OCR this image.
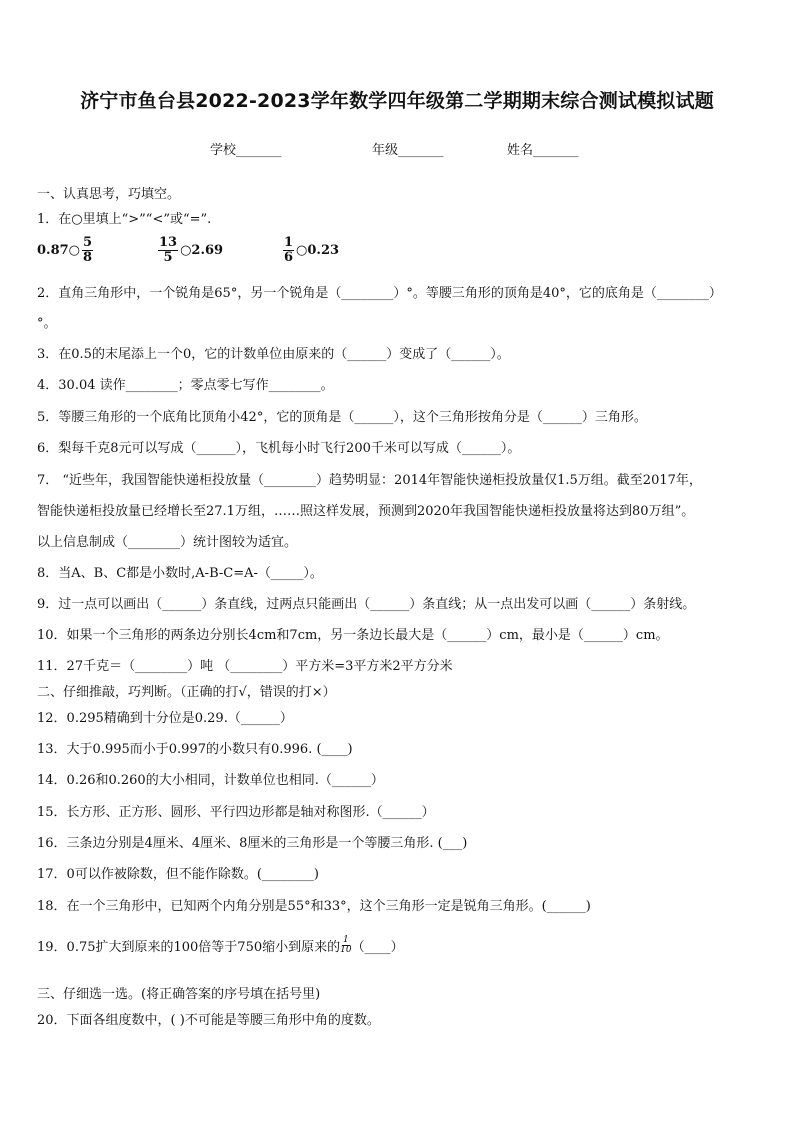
济宁市鱼台县2022-2023学年数学四年级第二学期期末综合测试模拟试题
学校_______	年级_______	姓名_______
一、认真思考，巧填空。
1．在○里填上“>”“<”或“=”.
0.87○ $\frac{5}{8}$	$\frac{13}{5}$ ○2.69	$\frac{1}{6}$ ○0.23
2．直角三角形中，一个锐角是65°，另一个锐角是（________）°。等腰三角形的顶角是40°，它的底角是（________）
°。
3．在0.5的末尾添上一个0，它的计数单位由原来的（______）变成了（______）。
4．30.04 读作________；零点零七写作________。
5．等腰三角形的一个底角比顶角小42°，它的顶角是（______），这个三角形按角分是（______）三角形。
6．梨每千克8元可以写成（______），飞机每小时飞行200千米可以写成（______）。
7． “近些年，我国智能快递柜投放量（________）趋势明显：2014年智能快递柜投放量仅1.5万组。截至2017年，
智能快递柜投放量已经增长至27.1万组，……照这样发展，预测到2020年我国智能快递柜投放量将达到80万组”。
以上信息制成（________）统计图较为适宜。
8．当A、B、C都是小数时,A-B-C=A-（_____）。
9．过一点可以画出（______）条直线，过两点只能画出（______）条直线；从一点出发可以画（______）条射线。
10．如果一个三角形的两条边分别长4cm和7cm，另一条边长最大是（______）cm，最小是（______）cm。
11．27千克＝（________）吨 （________）平方米=3平方米2平方分米
二、仔细推敲，巧判断。（正确的打√，错误的打×）
12．0.295精确到十分位是0.29.（______）
13．大于0.995而小于0.997的小数只有0.996. (____)
14．0.26和0.260的大小相同，计数单位也相同.（______）
15．长方形、正方形、圆形、平行四边形都是轴对称图形.（______）
16．三条边分别是4厘米、4厘米、8厘米的三角形是一个等腰三角形. (___)
17．0可以作被除数，但不能作除数。(________)
18．在一个三角形中，已知两个内角分别是55°和33°，这个三角形一定是锐角三角形。(______)
19．0.75扩大到原来的100倍等于750缩小到原来的 $\frac{1}{10}$ （____）
三、仔细选一选。(将正确答案的序号填在括号里)
20．下面各组度数中，( )不可能是等腰三角形中角的度数。
